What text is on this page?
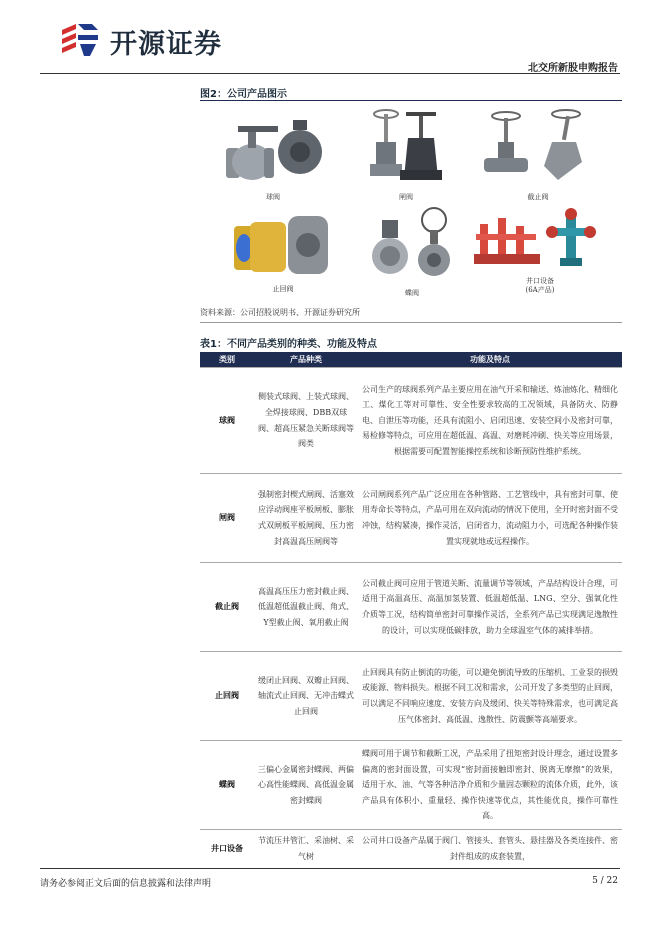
开源证券
北交所新股申购报告
图2：公司产品图示
球阀	闸阀	截止阀
止回阀	蝶阀
井口设备
(6A产品)
资料来源：公司招股说明书、开源证券研究所
表1：不同产品类别的种类、功能及特点
类别	产品种类	功能及特点
球阀	侧装式球阀、上装式球阀、全焊接球阀、DBB双球阀、超高压紧急关断球阀等阀类	公司生产的球阀系列产品主要应用在油气开采和输送、炼油炼化、精细化工、煤化工等对可靠性、安全性要求较高的工况领域，具备防火、防静电、自泄压等功能，还具有流阻小、启闭迅速、安装空间小及密封可靠，易检修等特点，可应用在超低温、高温、对磨耗冲刷、快关等应用场景，根据需要可配置智能操控系统和诊断预防性维护系统。
闸阀	强制密封楔式闸阀、活塞效应浮动阀座平板闸板、膨胀式双闸板平板闸阀、压力密封高温高压闸阀等	公司闸阀系列产品广泛应用在各种管路、工艺管线中，具有密封可靠、使用寿命长等特点，产品可用在双向流动的情况下使用，全开时密封面不受冲蚀，结构紧凑，操作灵活，启闭省力，流动阻力小，可选配各种操作装置实现就地或远程操作。
截止阀	高温高压压力密封截止阀、低温超低温截止阀、角式、Y型截止阀、氧用截止阀	公司截止阀可应用于管道关断、流量调节等领域，产品结构设计合理，可适用于高温高压、高温加氢装置、低温超低温、LNG、空分、强氧化性介质等工况，结构简单密封可靠操作灵活，全系列产品已实现满足逸散性的设计，可以实现低碳排放，助力全球温室气体的减排举措。
止回阀	缓闭止回阀、双瓣止回阀、轴流式止回阀、无冲击蝶式止回阀	止回阀具有防止倒流的功能，可以避免倒流导致的压缩机、工业泵的损毁或能源、物料损失。根据不同工况和需求，公司开发了多类型的止回阀，可以满足不同响应速度、安装方向及缓闭、快关等特殊需求，也可满足高压气体密封、高低温、逸散性、防震颤等高端要求。
蝶阀	三偏心金属密封蝶阀、两偏心高性能蝶阀、高低温金属密封蝶阀	蝶阀可用于调节和截断工况，产品采用了扭矩密封设计理念，通过设置多偏离的密封面设置，可实现“密封面接触即密封、脱离无摩擦”的效果，适用于水、油、气等各种洁净介质和少量固态颗粒的流体介质，此外，该产品具有体积小、重量轻、操作快速等优点，其性能优良，操作可靠性高。
井口设备	节流压井管汇、采油树、采气树	公司井口设备产品属于阀门、管接头、套管头、悬挂器及各类连接件、密封件组成的成套装置，
请务必参阅正文后面的信息披露和法律声明	5 / 22
